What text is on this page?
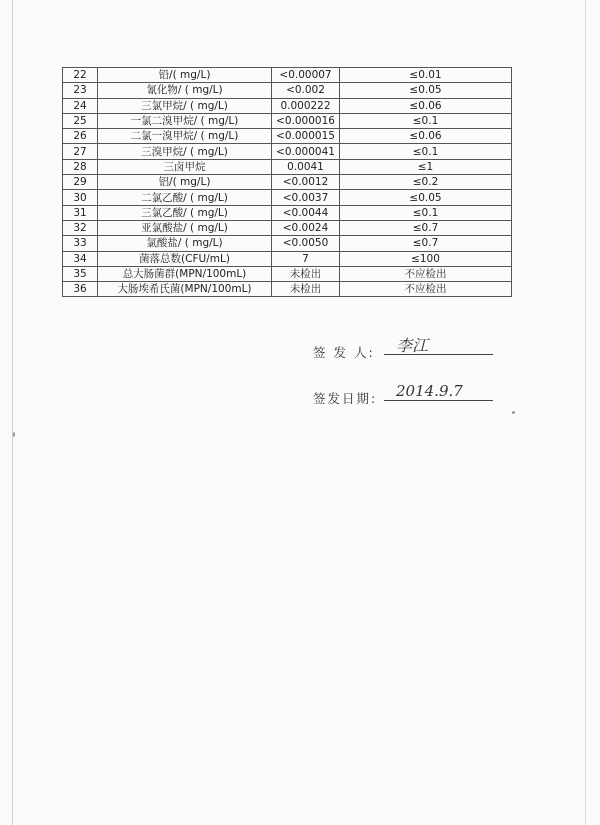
22	铅/( mg/L)	<0.00007	≤0.01
23	氰化物/ ( mg/L)	<0.002	≤0.05
24	三氯甲烷/ ( mg/L)	0.000222	≤0.06
25	一氯二溴甲烷/ ( mg/L)	<0.000016	≤0.1
26	二氯一溴甲烷/ ( mg/L)	<0.000015	≤0.06
27	三溴甲烷/ ( mg/L)	<0.000041	≤0.1
28	三卤甲烷	0.0041	≤1
29	铝/( mg/L)	<0.0012	≤0.2
30	二氯乙酸/ ( mg/L)	<0.0037	≤0.05
31	三氯乙酸/ ( mg/L)	<0.0044	≤0.1
32	亚氯酸盐/ ( mg/L)	<0.0024	≤0.7
33	氯酸盐/ ( mg/L)	<0.0050	≤0.7
34	菌落总数(CFU/mL)	7	≤100
35	总大肠菌群(MPN/100mL)	未检出	不应检出
36	大肠埃希氏菌(MPN/100mL)	未检出	不应检出
签 发 人: 李江
签发日期: 2014.9.7
